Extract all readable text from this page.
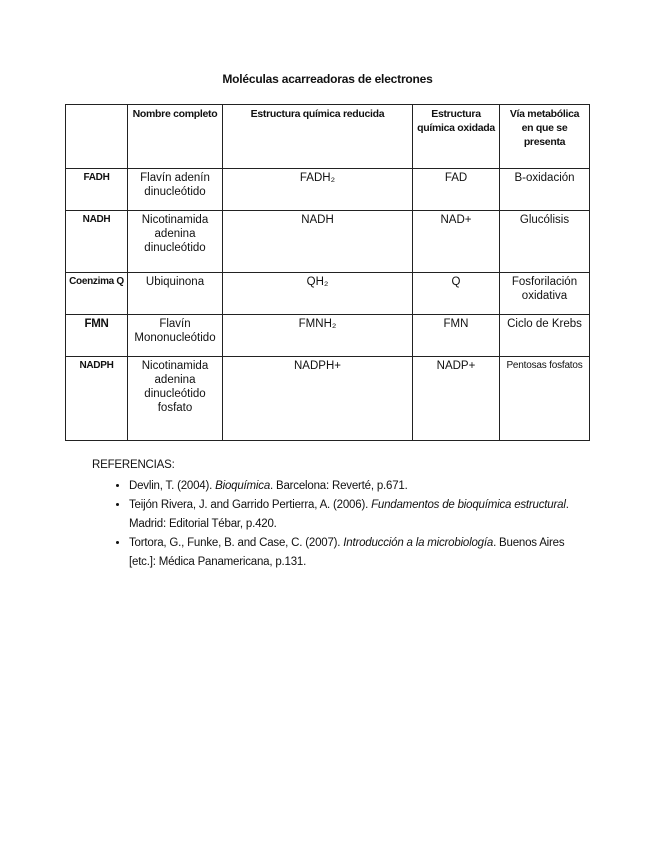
Moléculas acarreadoras de electrones
	Nombre completo	Estructura química reducida	Estructura química oxidada	Vía metabólica en que se presenta
FADH	Flavín adenín dinucleótido	FADH₂	FAD	B-oxidación
NADH	Nicotinamida adenina dinucleótido	NADH	NAD+	Glucólisis
Coenzima Q	Ubiquinona	QH₂	Q	Fosforilación oxidativa
FMN	Flavín Mononucleótido	FMNH₂	FMN	Ciclo de Krebs
NADPH	Nicotinamida adenina dinucleótido fosfato	NADPH+	NADP+	Pentosas fosfatos
REFERENCIAS:
• Devlin, T. (2004). Bioquímica. Barcelona: Reverté, p.671.
• Teijón Rivera, J. and Garrido Pertierra, A. (2006). Fundamentos de bioquímica estructural. Madrid: Editorial Tébar, p.420.
• Tortora, G., Funke, B. and Case, C. (2007). Introducción a la microbiología. Buenos Aires [etc.]: Médica Panamericana, p.131.
